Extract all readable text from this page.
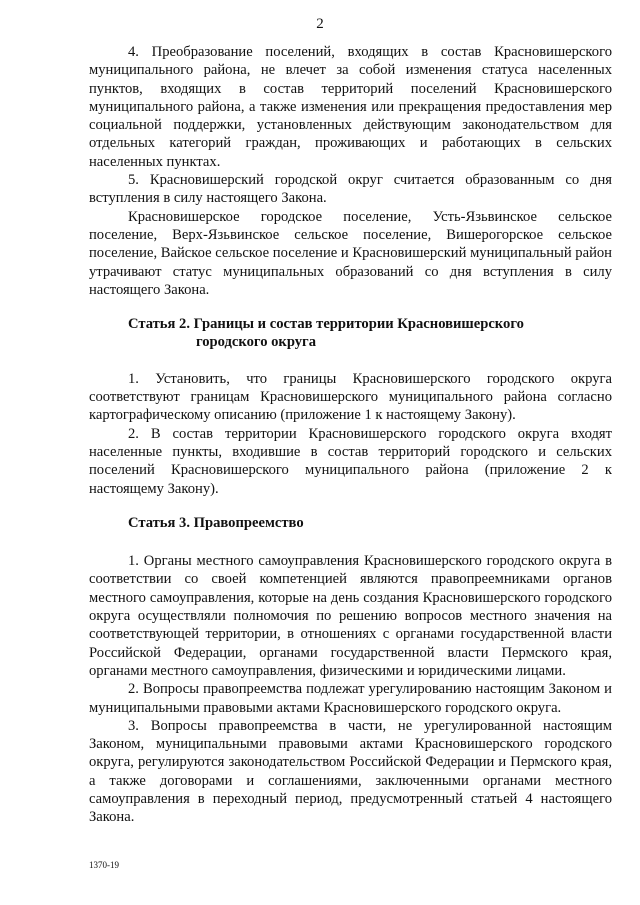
2

4. Преобразование поселений, входящих в состав Красновишерского муниципального района, не влечет за собой изменения статуса населенных пунктов, входящих в состав территорий поселений Красновишерского муниципального района, а также изменения или прекращения предоставления мер социальной поддержки, установленных действующим законодательством для отдельных категорий граждан, проживающих и работающих в сельских населенных пунктах.

5. Красновишерский городской округ считается образованным со дня вступления в силу настоящего Закона.

Красновишерское городское поселение, Усть-Язьвинское сельское поселение, Верх-Язьвинское сельское поселение, Вишерогорское сельское поселение, Вайское сельское поселение и Красновишерский муниципальный район утрачивают статус муниципальных образований со дня вступления в силу настоящего Закона.

Статья 2. Границы и состав территории Красновишерского
городского округа

1. Установить, что границы Красновишерского городского округа соответствуют границам Красновишерского муниципального района согласно картографическому описанию (приложение 1 к настоящему Закону).

2. В состав территории Красновишерского городского округа входят населенные пункты, входившие в состав территорий городского и сельских поселений Красновишерского муниципального района (приложение 2 к настоящему Закону).

Статья 3. Правопреемство

1. Органы местного самоуправления Красновишерского городского округа в соответствии со своей компетенцией являются правопреемниками органов местного самоуправления, которые на день создания Красновишерского городского округа осуществляли полномочия по решению вопросов местного значения на соответствующей территории, в отношениях с органами государственной власти Российской Федерации, органами государственной власти Пермского края, органами местного самоуправления, физическими и юридическими лицами.

2. Вопросы правопреемства подлежат урегулированию настоящим Законом и муниципальными правовыми актами Красновишерского городского округа.

3. Вопросы правопреемства в части, не урегулированной настоящим Законом, муниципальными правовыми актами Красновишерского городского округа, регулируются законодательством Российской Федерации и Пермского края, а также договорами и соглашениями, заключенными органами местного самоуправления в переходный период, предусмотренный статьей 4 настоящего Закона.

1370-19
